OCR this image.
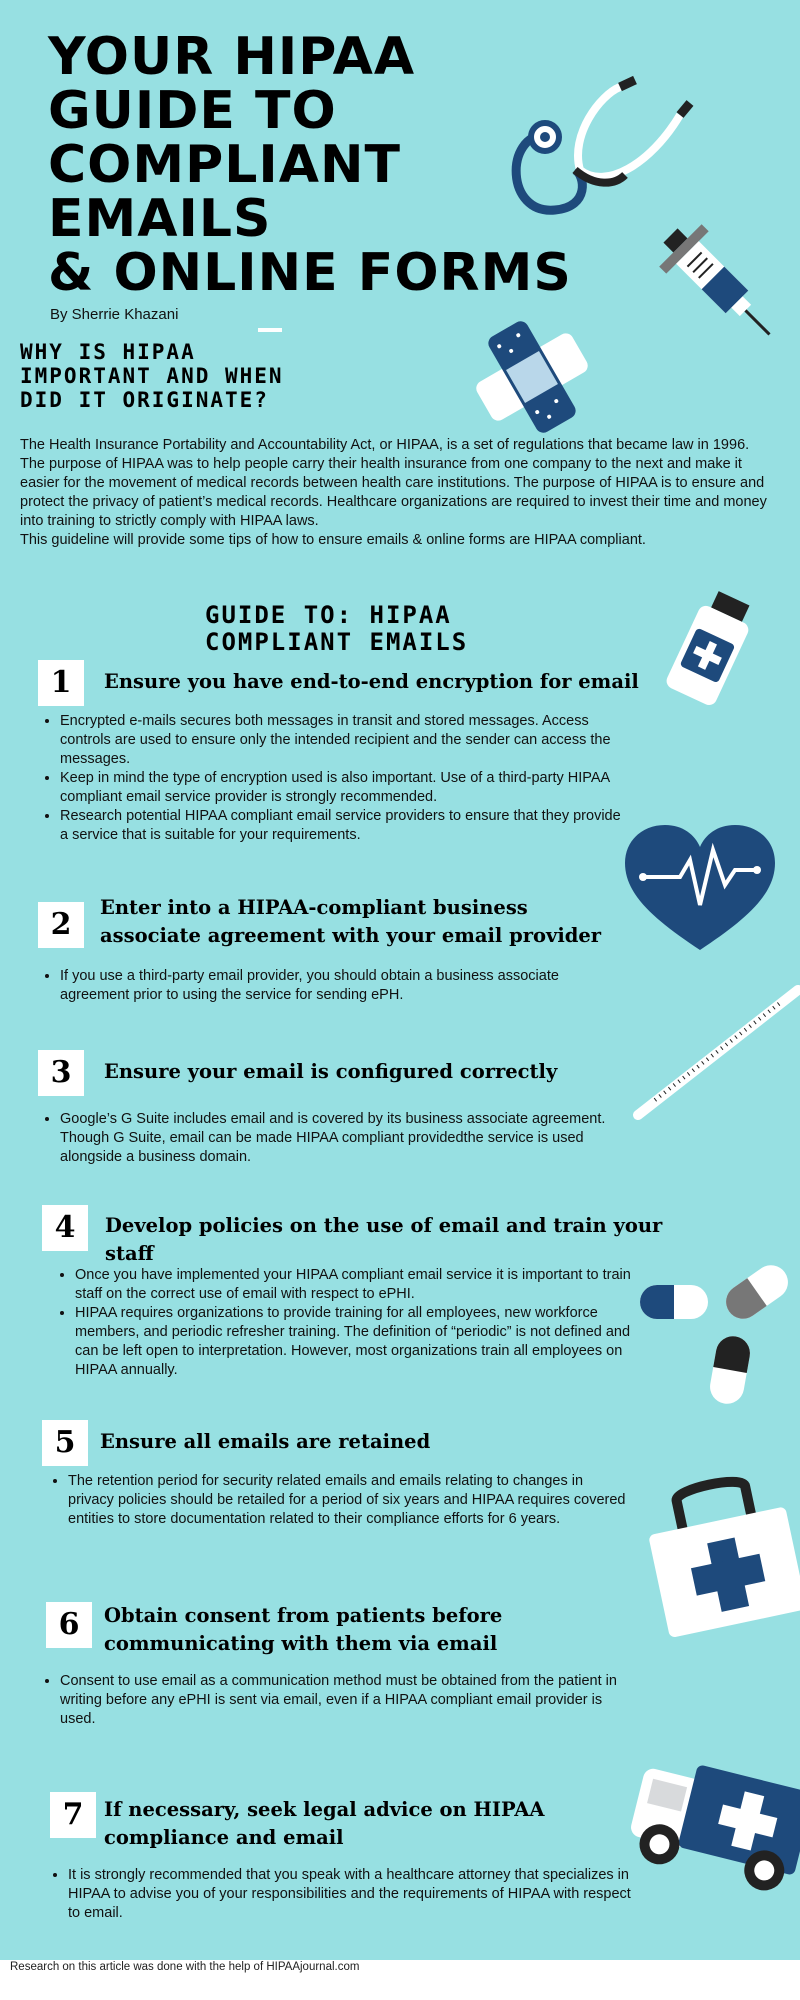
YOUR HIPAA
GUIDE TO
COMPLIANT
EMAILS
& ONLINE FORMS
By Sherrie Khazani
WHY IS HIPAA
IMPORTANT AND WHEN
DID IT ORIGINATE?

The Health Insurance Portability and Accountability Act, or HIPAA, is a set of regulations that became law in 1996.

The purpose of HIPAA was to help people carry their health insurance from one company to the next and make it easier for the movement of medical records between health care institutions. The purpose of HIPAA is to ensure and protect the privacy of patient’s medical records. Healthcare organizations are required to invest their time and money into training to strictly comply with HIPAA laws.

This guideline will provide some tips of how to ensure emails & online forms are HIPAA compliant.

GUIDE TO: HIPAA
COMPLIANT EMAILS
1	Ensure you have end-to-end encryption for email
• Encrypted e-mails secures both messages in transit and stored messages. Access controls are used to ensure only the intended recipient and the sender can access the messages.
• Keep in mind the type of encryption used is also important. Use of a third-party HIPAA compliant email service provider is strongly recommended.
• Research potential HIPAA compliant email service providers to ensure that they provide a service that is suitable for your requirements.
2	Enter into a HIPAA-compliant business associate agreement with your email provider
• If you use a third-party email provider, you should obtain a business associate agreement prior to using the service for sending ePH.
3	Ensure your email is configured correctly
• Google’s G Suite includes email and is covered by its business associate agreement. Though G Suite, email can be made HIPAA compliant providedthe service is used alongside a business domain.
4	Develop policies on the use of email and train your staff
• Once you have implemented your HIPAA compliant email service it is important to train staff on the correct use of email with respect to ePHI.
• HIPAA requires organizations to provide training for all employees, new workforce members, and periodic refresher training. The definition of “periodic” is not defined and can be left open to interpretation. However, most organizations train all employees on HIPAA annually.
5	Ensure all emails are retained
• The retention period for security related emails and emails relating to changes in privacy policies should be retailed for a period of six years and HIPAA requires covered entities to store documentation related to their compliance efforts for 6 years.
6	Obtain consent from patients before communicating with them via email
• Consent to use email as a communication method must be obtained from the patient in writing before any ePHI is sent via email, even if a HIPAA compliant email provider is used.
7	If necessary, seek legal advice on HIPAA compliance and email
• It is strongly recommended that you speak with a healthcare attorney that specializes in HIPAA to advise you of your responsibilities and the requirements of HIPAA with respect to email.
Research on this article was done with the help of HIPAAjournal.com
